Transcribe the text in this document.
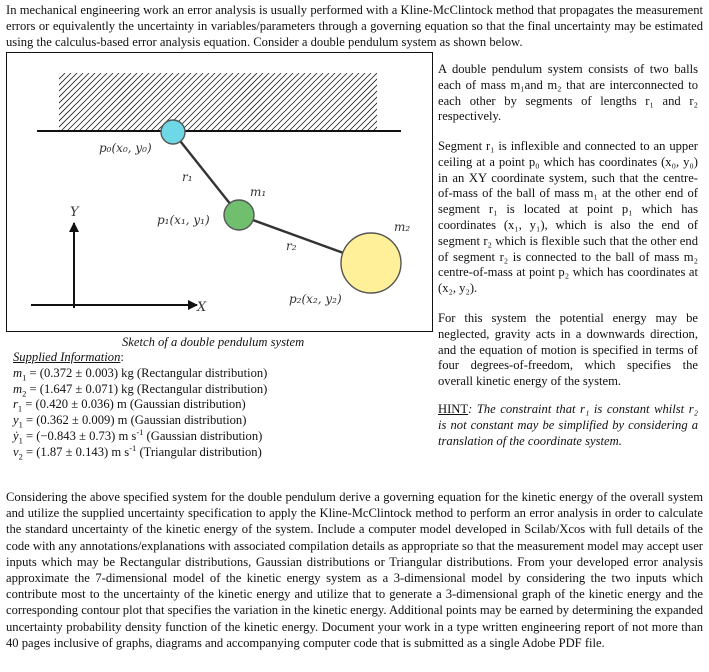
In mechanical engineering work an error analysis is usually performed with a Kline-McClintock method that propagates the measurement errors or equivalently the uncertainty in variables/parameters through a governing equation so that the final uncertainty may be estimated using the calculus-based error analysis equation. Consider a double pendulum system as shown below.
p₀(x₀, y₀)
r₁
m₁
p₁(x₁, y₁)
r₂
m₂
p₂(x₂, y₂)
Y
X
Sketch of a double pendulum system
Supplied Information:
$m_1 = (0.372 \pm 0.003)$ kg (Rectangular distribution)
$m_2 = (1.647 \pm 0.071)$ kg (Rectangular distribution)
$r_1 = (0.420 \pm 0.036)$ m (Gaussian distribution)
$y_1 = (0.362 \pm 0.009)$ m (Gaussian distribution)
ẏ$_1$ = (−0.843 ± 0.73) m $s^{-1}$ (Gaussian distribution)
$v_2 = (1.87 \pm 0.143)$ m $s^{-1}$ (Triangular distribution)
A double pendulum system consists of two balls each of mass m₁and m₂ that are interconnected to each other by segments of lengths r₁ and r₂ respectively.
Segment r₁ is inflexible and connected to an upper ceiling at a point p₀ which has coordinates (x₀, y₀) in an XY coordinate system, such that the centre-of-mass of the ball of mass m₁ at the other end of segment r₁ is located at point p₁ which has coordinates (x₁, y₁), which is also the end of segment r₂ which is flexible such that the other end of segment r₂ is connected to the ball of mass m₂ centre-of-mass at point p₂ which has coordinates at (x₂, y₂).
For this system the potential energy may be neglected, gravity acts in a downwards direction, and the equation of motion is specified in terms of four degrees-of-freedom, which specifies the overall kinetic energy of the system.
HINT: The constraint that r₁ is constant whilst r₂ is not constant may be simplified by considering a translation of the coordinate system.
Considering the above specified system for the double pendulum derive a governing equation for the kinetic energy of the overall system and utilize the supplied uncertainty specification to apply the Kline-McClintock method to perform an error analysis in order to calculate the standard uncertainty of the kinetic energy of the system. Include a computer model developed in Scilab/Xcos with full details of the code with any annotations/explanations with associated compilation details as appropriate so that the measurement model may accept user inputs which may be Rectangular distributions, Gaussian distributions or Triangular distributions. From your developed error analysis approximate the 7-dimensional model of the kinetic energy system as a 3-dimensional model by considering the two inputs which contribute most to the uncertainty of the kinetic energy and utilize that to generate a 3-dimensional graph of the kinetic energy and the corresponding contour plot that specifies the variation in the kinetic energy. Additional points may be earned by determining the expanded uncertainty probability density function of the kinetic energy. Document your work in a type written engineering report of not more than 40 pages inclusive of graphs, diagrams and accompanying computer code that is submitted as a single Adobe PDF file.
